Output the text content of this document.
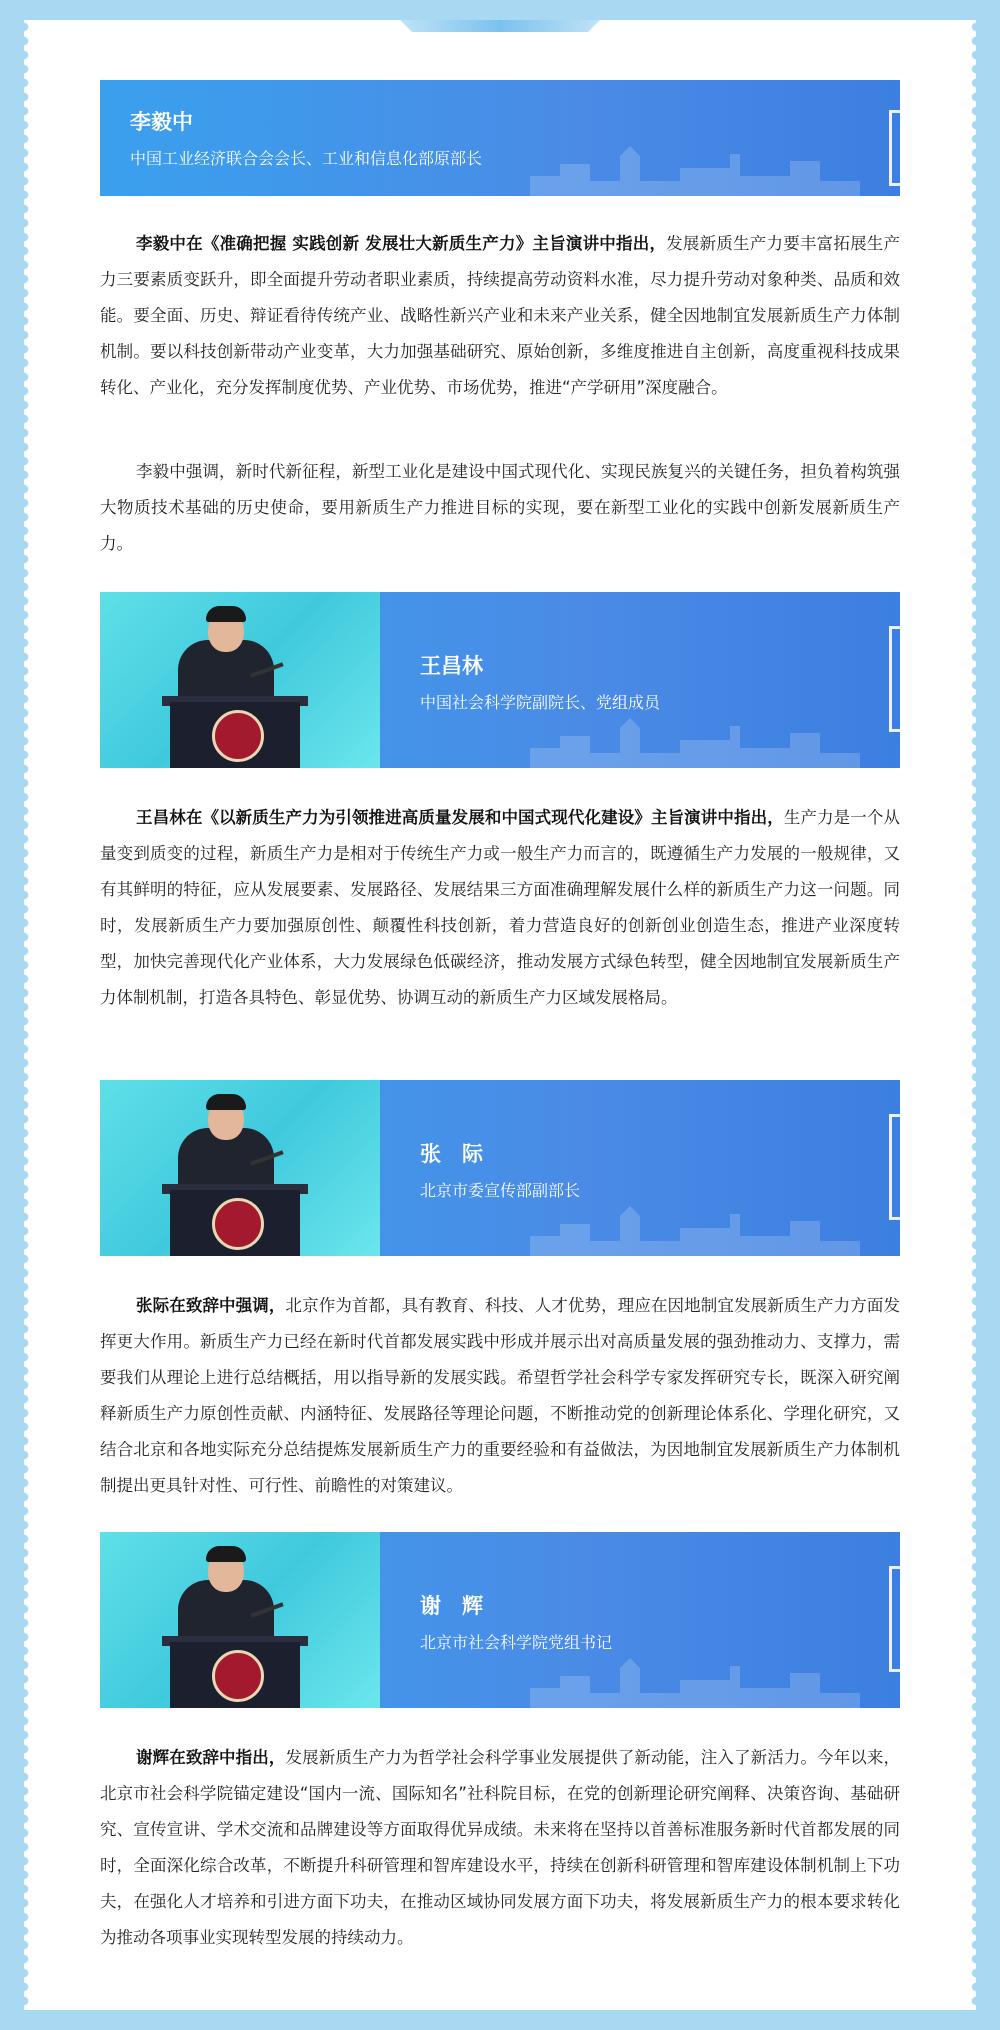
李毅中
中国工业经济联合会会长、工业和信息化部原部长

李毅中在《准确把握 实践创新 发展壮大新质生产力》主旨演讲中指出，发展新质生产力要丰富拓展生产力三要素质变跃升，即全面提升劳动者职业素质，持续提高劳动资料水准，尽力提升劳动对象种类、品质和效能。要全面、历史、辩证看待传统产业、战略性新兴产业和未来产业关系，健全因地制宜发展新质生产力体制机制。要以科技创新带动产业变革，大力加强基础研究、原始创新，多维度推进自主创新，高度重视科技成果转化、产业化，充分发挥制度优势、产业优势、市场优势，推进“产学研用”深度融合。

李毅中强调，新时代新征程，新型工业化是建设中国式现代化、实现民族复兴的关键任务，担负着构筑强大物质技术基础的历史使命，要用新质生产力推进目标的实现，要在新型工业化的实践中创新发展新质生产力。

王昌林
中国社会科学院副院长、党组成员

王昌林在《以新质生产力为引领推进高质量发展和中国式现代化建设》主旨演讲中指出，生产力是一个从量变到质变的过程，新质生产力是相对于传统生产力或一般生产力而言的，既遵循生产力发展的一般规律，又有其鲜明的特征，应从发展要素、发展路径、发展结果三方面准确理解发展什么样的新质生产力这一问题。同时，发展新质生产力要加强原创性、颠覆性科技创新，着力营造良好的创新创业创造生态，推进产业深度转型，加快完善现代化产业体系，大力发展绿色低碳经济，推动发展方式绿色转型，健全因地制宜发展新质生产力体制机制，打造各具特色、彰显优势、协调互动的新质生产力区域发展格局。

张　际
北京市委宣传部副部长

张际在致辞中强调，北京作为首都，具有教育、科技、人才优势，理应在因地制宜发展新质生产力方面发挥更大作用。新质生产力已经在新时代首都发展实践中形成并展示出对高质量发展的强劲推动力、支撑力，需要我们从理论上进行总结概括，用以指导新的发展实践。希望哲学社会科学专家发挥研究专长，既深入研究阐释新质生产力原创性贡献、内涵特征、发展路径等理论问题，不断推动党的创新理论体系化、学理化研究，又结合北京和各地实际充分总结提炼发展新质生产力的重要经验和有益做法，为因地制宜发展新质生产力体制机制提出更具针对性、可行性、前瞻性的对策建议。

谢　辉
北京市社会科学院党组书记

谢辉在致辞中指出，发展新质生产力为哲学社会科学事业发展提供了新动能，注入了新活力。今年以来，北京市社会科学院锚定建设“国内一流、国际知名”社科院目标，在党的创新理论研究阐释、决策咨询、基础研究、宣传宣讲、学术交流和品牌建设等方面取得优异成绩。未来将在坚持以首善标准服务新时代首都发展的同时，全面深化综合改革，不断提升科研管理和智库建设水平，持续在创新科研管理和智库建设体制机制上下功夫，在强化人才培养和引进方面下功夫，在推动区域协同发展方面下功夫，将发展新质生产力的根本要求转化为推动各项事业实现转型发展的持续动力。
